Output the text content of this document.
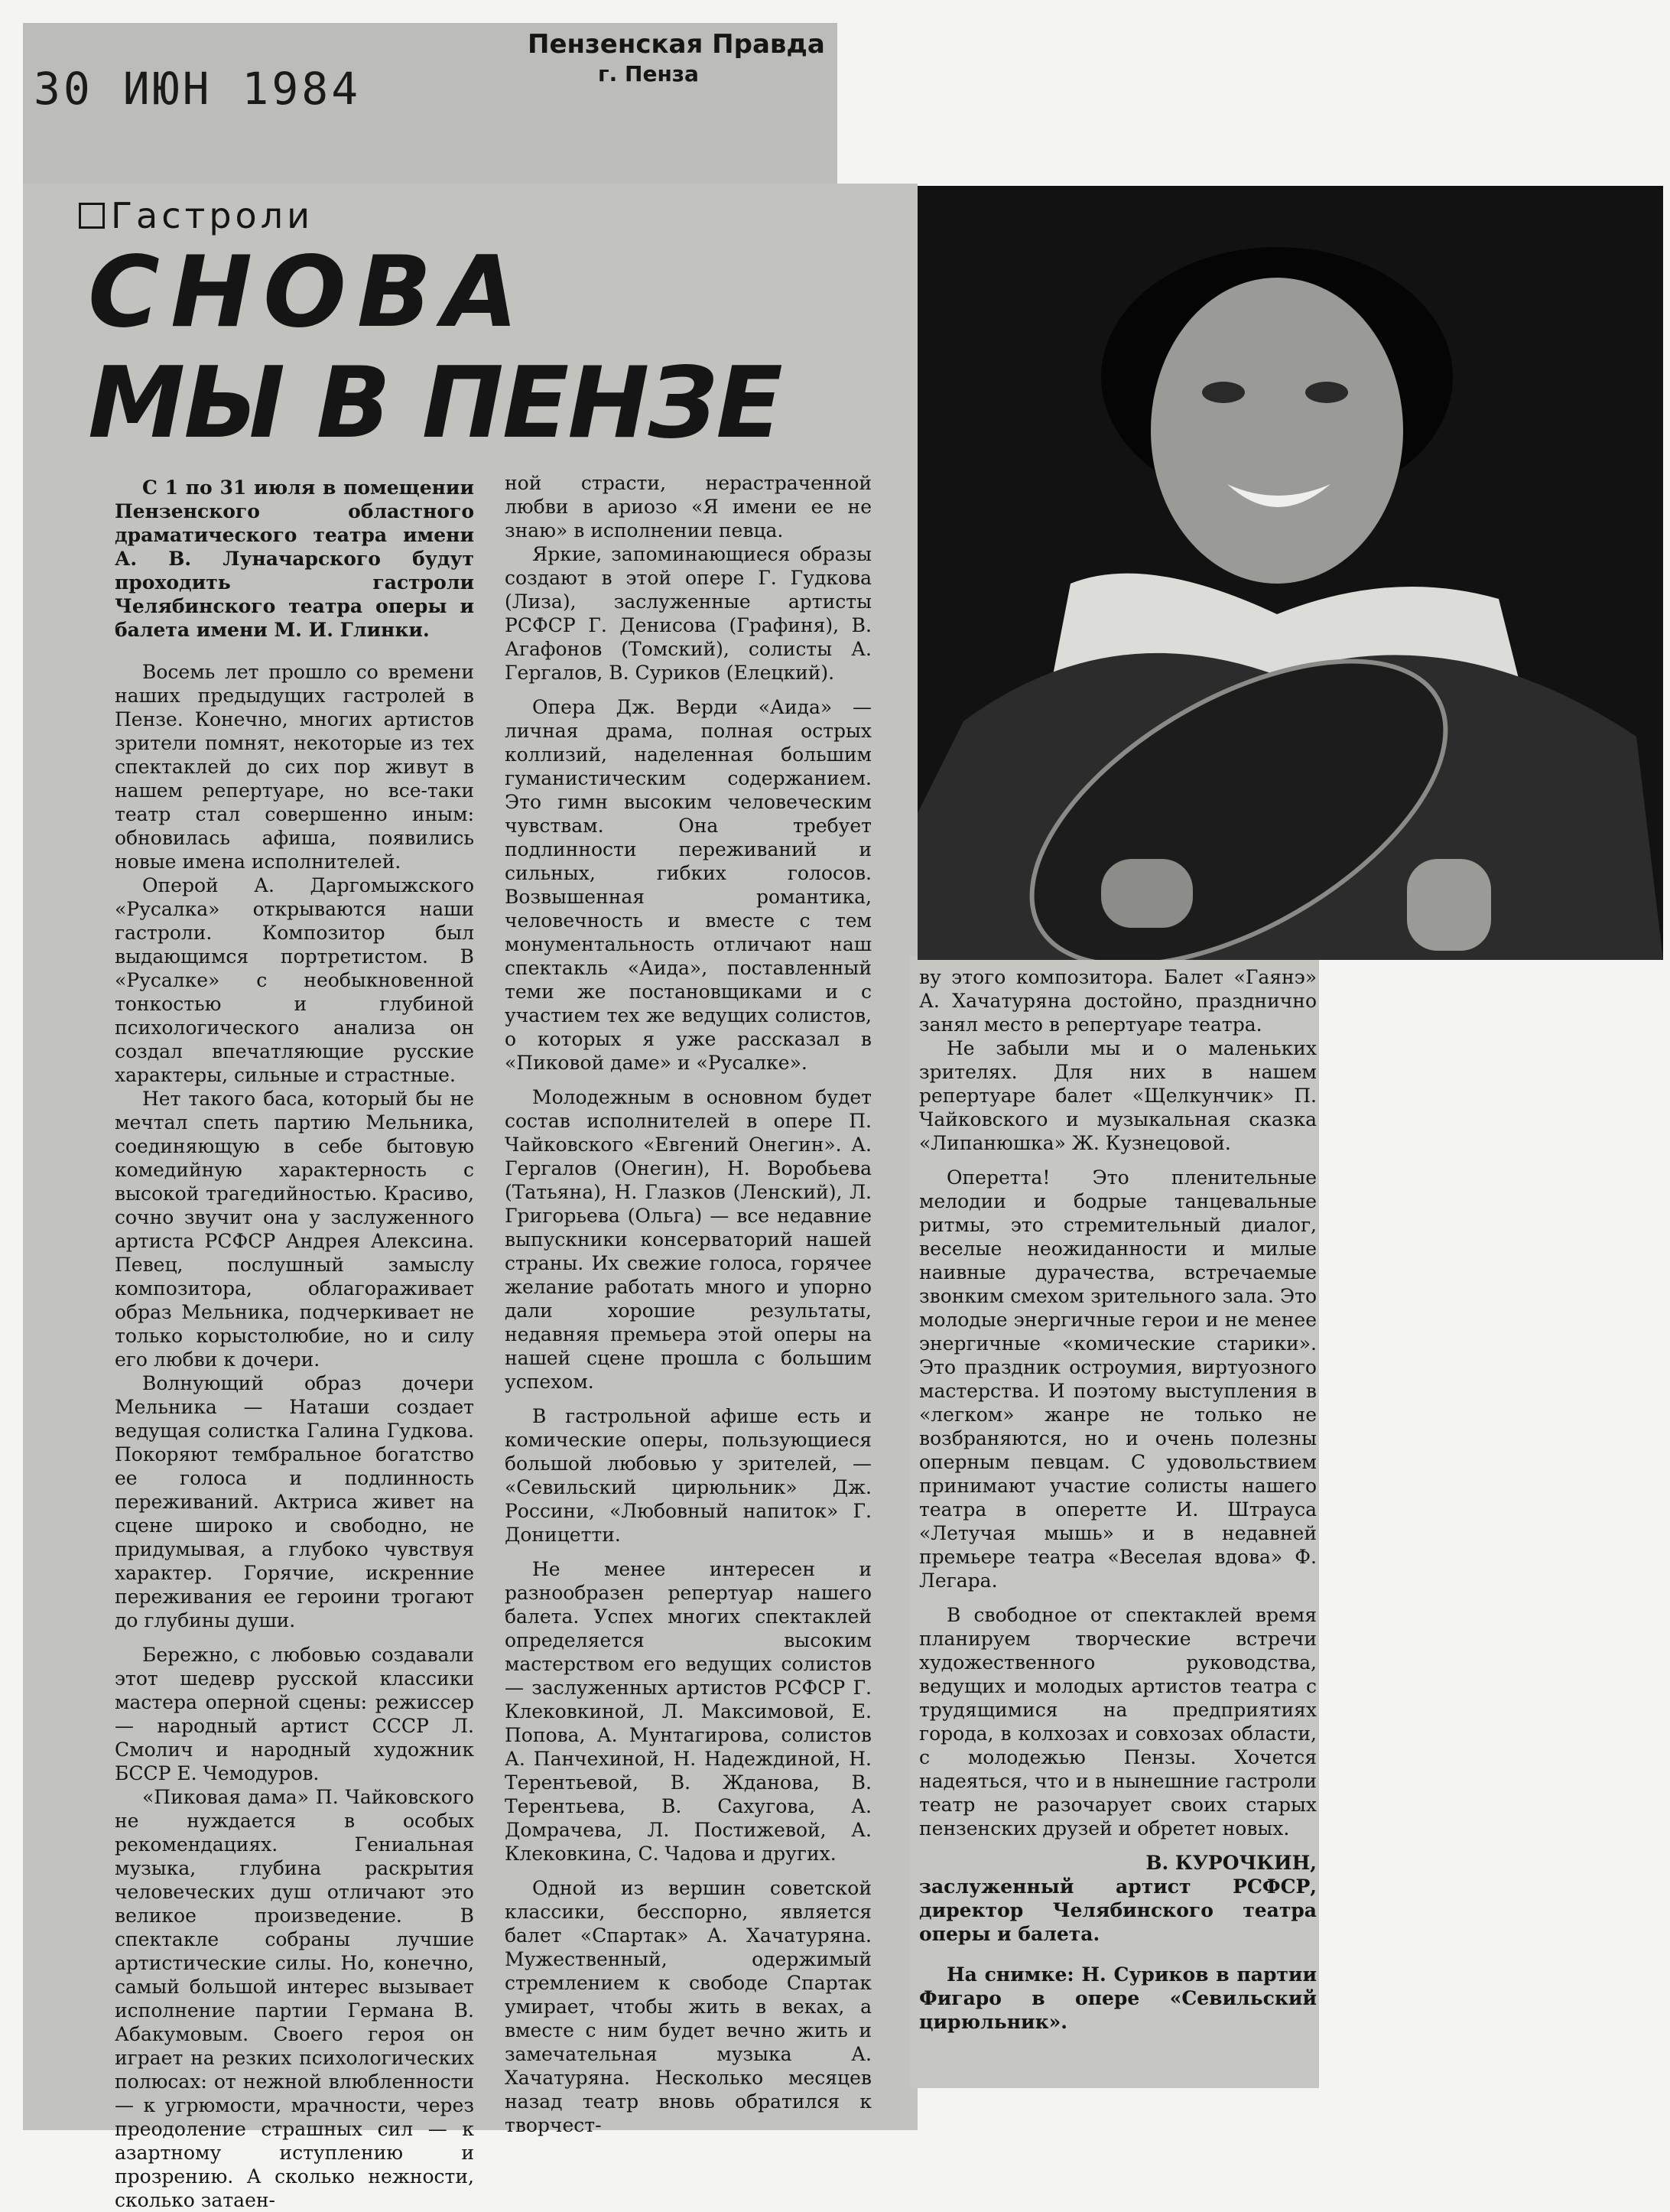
30 ИЮН 1984
Пензенская Правда
г. Пенза
Гастроли
СНОВА
МЫ В ПЕНЗЕ

С 1 по 31 июля в помещении Пензенского областного драматического театра имени А. В. Луначарского будут проходить гастроли Челябинского театра оперы и балета имени М. И. Глинки.

Восемь лет прошло со времени наших предыдущих гастролей в Пензе. Конечно, многих артистов зрители помнят, некоторые из тех спектаклей до сих пор живут в нашем репертуаре, но все-таки театр стал совершенно иным: обновилась афиша, появились новые имена исполнителей.

Оперой А. Даргомыжского «Русалка» открываются наши гастроли. Композитор был выдающимся портретистом. В «Русалке» с необыкновенной тонкостью и глубиной психологического анализа он создал впечатляющие русские характеры, сильные и страстные.

Нет такого баса, который бы не мечтал спеть партию Мельника, соединяющую в себе бытовую комедийную характерность с высокой трагедийностью. Красиво, сочно звучит она у заслуженного артиста РСФСР Андрея Алексина. Певец, послушный замыслу композитора, облагораживает образ Мельника, подчеркивает не только корыстолюбие, но и силу его любви к дочери.

Волнующий образ дочери Мельника — Наташи создает ведущая солистка Галина Гудкова. Покоряют тембральное богатство ее голоса и подлинность переживаний. Актриса живет на сцене широко и свободно, не придумывая, а глубоко чувствуя характер. Горячие, искренние переживания ее героини трогают до глубины души.

Бережно, с любовью создавали этот шедевр русской классики мастера оперной сцены: режиссер — народный артист СССР Л. Смолич и народный художник БССР Е. Чемодуров.

«Пиковая дама» П. Чайковского не нуждается в особых рекомендациях. Гениальная музыка, глубина раскрытия человеческих душ отличают это великое произведение. В спектакле собраны лучшие артистические силы. Но, конечно, самый большой интерес вызывает исполнение партии Германа В. Абакумовым. Своего героя он играет на резких психологических полюсах: от нежной влюбленности — к угрюмости, мрачности, через преодоление страшных сил — к азартному иступлению и прозрению. А сколько нежности, сколько затаен-

ной страсти, нерастраченной любви в ариозо «Я имени ее не знаю» в исполнении певца.

Яркие, запоминающиеся образы создают в этой опере Г. Гудкова (Лиза), заслуженные артисты РСФСР Г. Денисова (Графиня), В. Агафонов (Томский), солисты А. Гергалов, В. Суриков (Елецкий).

Опера Дж. Верди «Аида» — личная драма, полная острых коллизий, наделенная большим гуманистическим содержанием. Это гимн высоким человеческим чувствам. Она требует подлинности переживаний и сильных, гибких голосов. Возвышенная романтика, человечность и вместе с тем монументальность отличают наш спектакль «Аида», поставленный теми же постановщиками и с участием тех же ведущих солистов, о которых я уже рассказал в «Пиковой даме» и «Русалке».

Молодежным в основном будет состав исполнителей в опере П. Чайковского «Евгений Онегин». А. Гергалов (Онегин), Н. Воробьева (Татьяна), Н. Глазков (Ленский), Л. Григорьева (Ольга) — все недавние выпускники консерваторий нашей страны. Их свежие голоса, горячее желание работать много и упорно дали хорошие результаты, недавняя премьера этой оперы на нашей сцене прошла с большим успехом.

В гастрольной афише есть и комические оперы, пользующиеся большой любовью у зрителей, — «Севильский цирюльник» Дж. Россини, «Любовный напиток» Г. Доницетти.

Не менее интересен и разнообразен репертуар нашего балета. Успех многих спектаклей определяется высоким мастерством его ведущих солистов — заслуженных артистов РСФСР Г. Клековкиной, Л. Максимовой, Е. Попова, А. Мунтагирова, солистов А. Панчехиной, Н. Надеждиной, Н. Терентьевой, В. Жданова, В. Терентьева, В. Сахугова, А. Домрачева, Л. Постижевой, А. Клековкина, С. Чадова и других.

Одной из вершин советской классики, бесспорно, является балет «Спартак» А. Хачатуряна. Мужественный, одержимый стремлением к свободе Спартак умирает, чтобы жить в веках, а вместе с ним будет вечно жить и замечательная музыка А. Хачатуряна. Несколько месяцев назад театр вновь обратился к творчест-

ву этого композитора. Балет «Гаянэ» А. Хачатуряна достойно, празднично занял место в репертуаре театра.

Не забыли мы и о маленьких зрителях. Для них в нашем репертуаре балет «Щелкунчик» П. Чайковского и музыкальная сказка «Липанюшка» Ж. Кузнецовой.

Оперетта! Это пленительные мелодии и бодрые танцевальные ритмы, это стремительный диалог, веселые неожиданности и милые наивные дурачества, встречаемые звонким смехом зрительного зала. Это молодые энергичные герои и не менее энергичные «комические старики». Это праздник остроумия, виртуозного мастерства. И поэтому выступления в «легком» жанре не только не возбраняются, но и очень полезны оперным певцам. С удовольствием принимают участие солисты нашего театра в оперетте И. Штрауса «Летучая мышь» и в недавней премьере театра «Веселая вдова» Ф. Легара.

В свободное от спектаклей время планируем творческие встречи художественного руководства, ведущих и молодых артистов театра с трудящимися на предприятиях города, в колхозах и совхозах области, с молодежью Пензы. Хочется надеяться, что и в нынешние гастроли театр не разочарует своих старых пензенских друзей и обретет новых.

В. КУРОЧКИН,

заслуженный артист РСФСР, директор Челябинского театра оперы и балета.

На снимке: Н. Суриков в партии Фигаро в опере «Севильский цирюльник».
